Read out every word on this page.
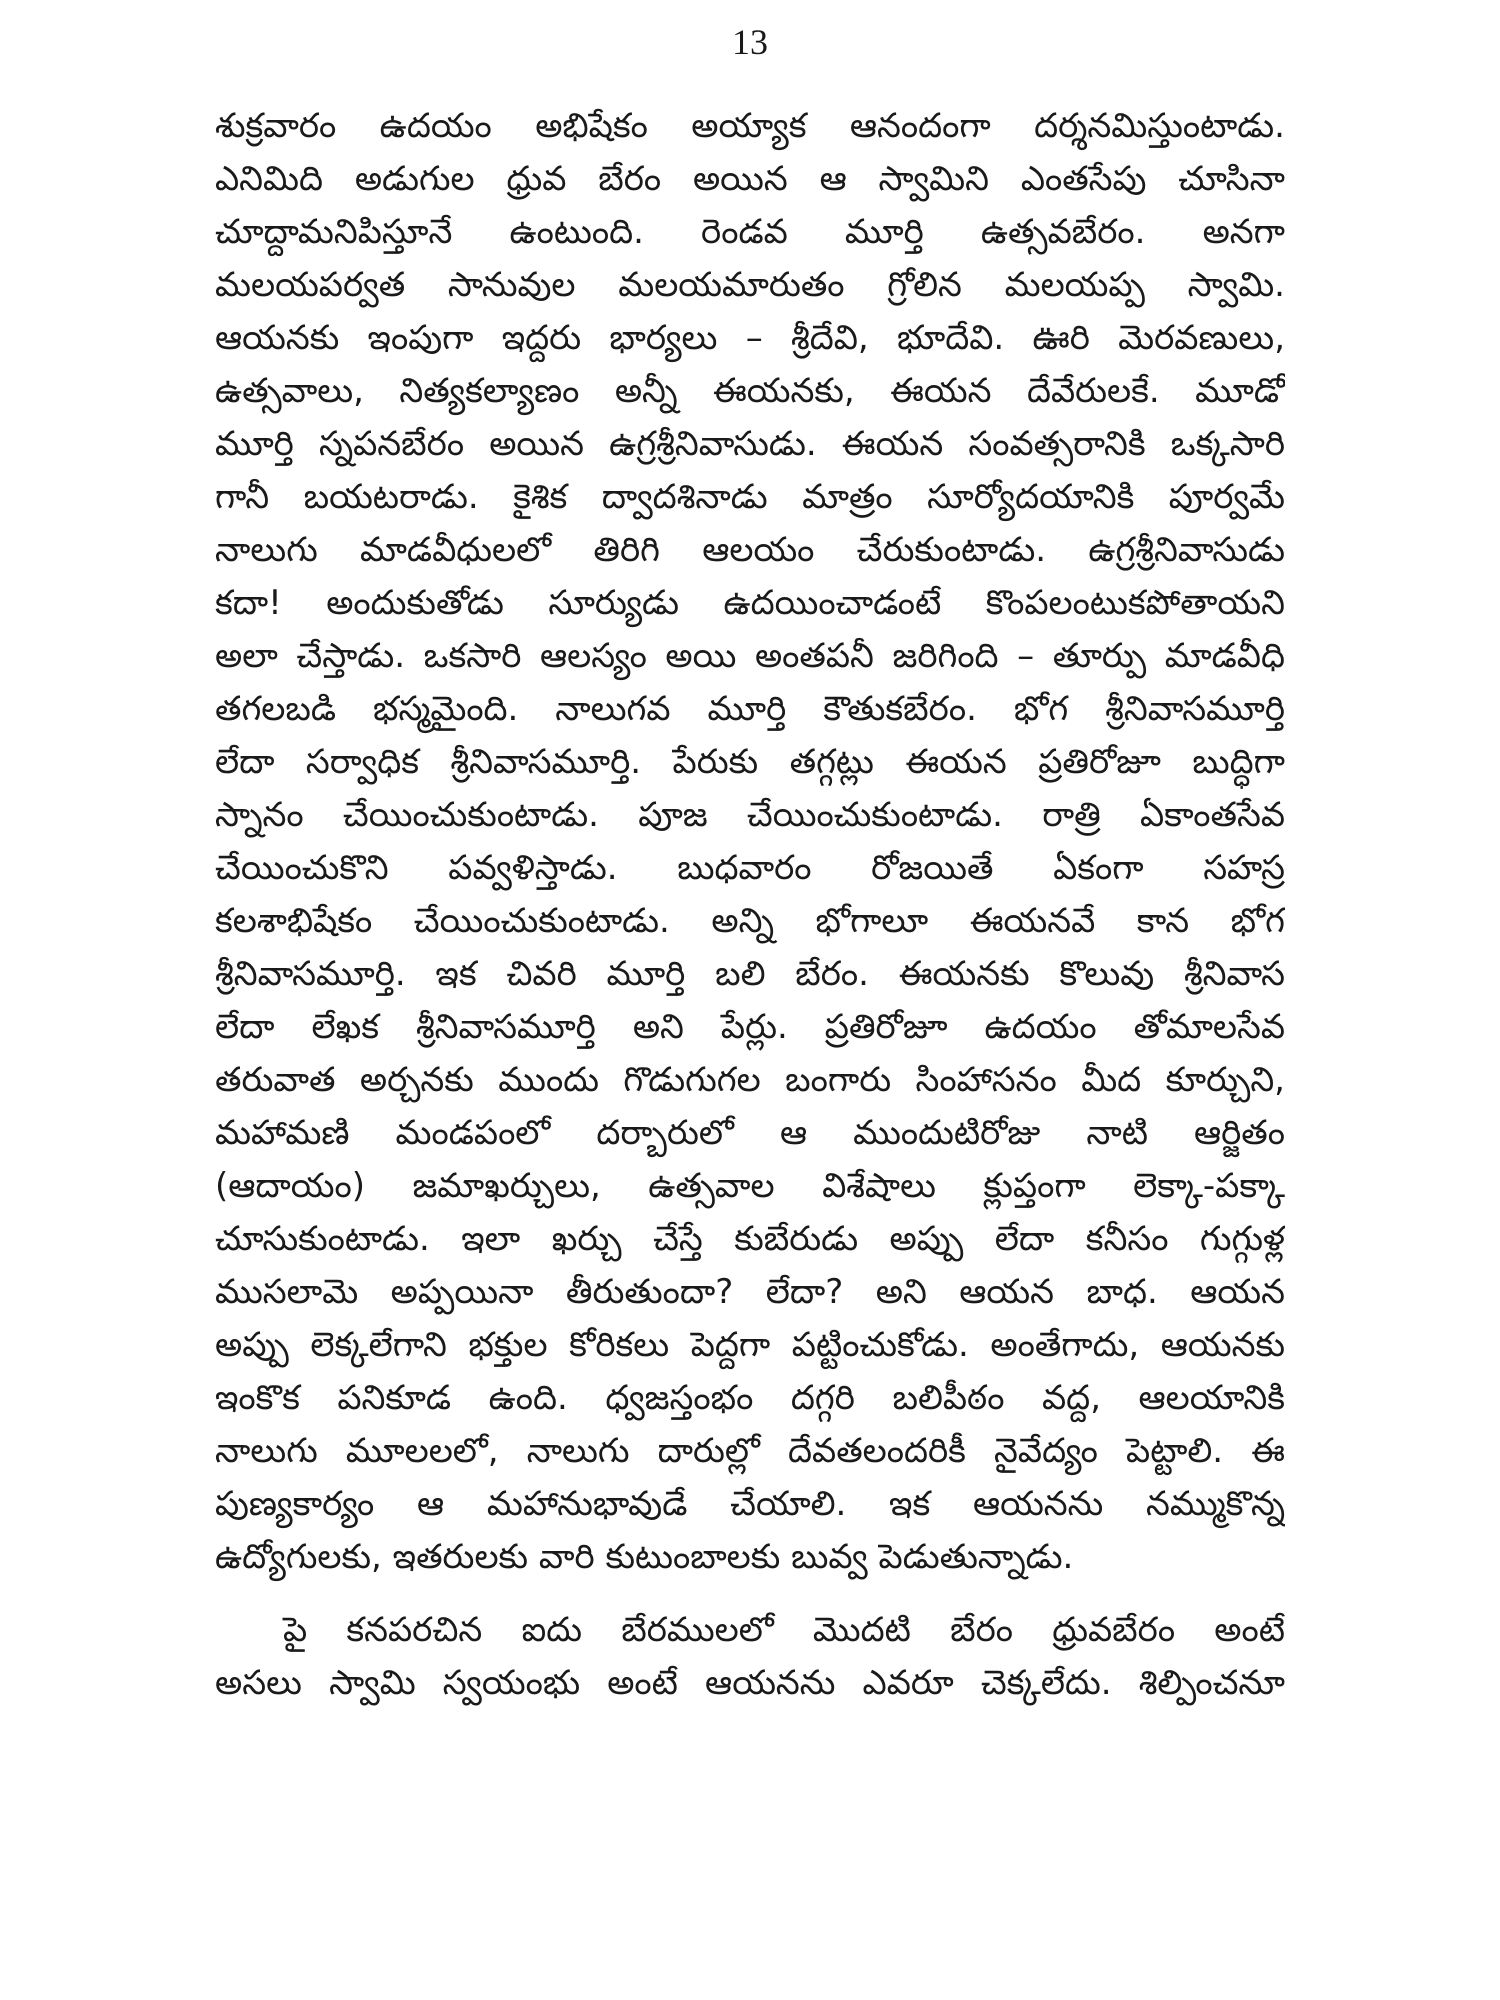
13
శుక్రవారం ఉదయం అభిషేకం అయ్యాక ఆనందంగా దర్శనమిస్తుంటాడు.
ఎనిమిది అడుగుల ధ్రువ బేరం అయిన ఆ స్వామిని ఎంతసేపు చూసినా
చూద్దామనిపిస్తూనే ఉంటుంది. రెండవ మూర్తి ఉత్సవబేరం. అనగా
మలయపర్వత సానువుల మలయమారుతం గ్రోలిన మలయప్ప స్వామి.
ఆయనకు ఇంపుగా ఇద్దరు భార్యలు – శ్రీదేవి, భూదేవి. ఊరి మెరవణులు,
ఉత్సవాలు, నిత్యకల్యాణం అన్నీ ఈయనకు, ఈయన దేవేరులకే. మూడో
మూర్తి స్నపనబేరం అయిన ఉగ్రశ్రీనివాసుడు. ఈయన సంవత్సరానికి ఒక్కసారి
గానీ బయటరాడు. కైశిక ద్వాదశినాడు మాత్రం సూర్యోదయానికి పూర్వమే
నాలుగు మాడవీధులలో తిరిగి ఆలయం చేరుకుంటాడు. ఉగ్రశ్రీనివాసుడు
కదా! అందుకుతోడు సూర్యుడు ఉదయించాడంటే కొంపలంటుకపోతాయని
అలా చేస్తాడు. ఒకసారి ఆలస్యం అయి అంతపనీ జరిగింది – తూర్పు మాడవీధి
తగలబడి భస్మమైంది. నాలుగవ మూర్తి కౌతుకబేరం. భోగ శ్రీనివాసమూర్తి
లేదా సర్వాధిక శ్రీనివాసమూర్తి. పేరుకు తగ్గట్లు ఈయన ప్రతిరోజూ బుద్ధిగా
స్నానం చేయించుకుంటాడు. పూజ చేయించుకుంటాడు. రాత్రి ఏకాంతసేవ
చేయించుకొని పవ్వళిస్తాడు. బుధవారం రోజయితే ఏకంగా సహస్ర
కలశాభిషేకం చేయించుకుంటాడు. అన్ని భోగాలూ ఈయనవే కాన భోగ
శ్రీనివాసమూర్తి. ఇక చివరి మూర్తి బలి బేరం. ఈయనకు కొలువు శ్రీనివాస
లేదా లేఖక శ్రీనివాసమూర్తి అని పేర్లు. ప్రతిరోజూ ఉదయం తోమాలసేవ
తరువాత అర్చనకు ముందు గొడుగుగల బంగారు సింహాసనం మీద కూర్చుని,
మహామణి మండపంలో దర్బారులో ఆ ముందుటిరోజు నాటి ఆర్జితం
(ఆదాయం) జమాఖర్చులు, ఉత్సవాల విశేషాలు క్లుప్తంగా లెక్కా-పక్కా
చూసుకుంటాడు. ఇలా ఖర్చు చేస్తే కుబేరుడు అప్పు లేదా కనీసం గుగ్గుళ్ల
ముసలామె అప్పయినా తీరుతుందా? లేదా? అని ఆయన బాధ. ఆయన
అప్పు లెక్కలేగాని భక్తుల కోరికలు పెద్దగా పట్టించుకోడు. అంతేగాదు, ఆయనకు
ఇంకొక పనికూడ ఉంది. ధ్వజస్తంభం దగ్గరి బలిపీఠం వద్ద, ఆలయానికి
నాలుగు మూలలలో, నాలుగు దారుల్లో దేవతలందరికీ నైవేద్యం పెట్టాలి. ఈ
పుణ్యకార్యం ఆ మహానుభావుడే చేయాలి. ఇక ఆయనను నమ్ముకొన్న
ఉద్యోగులకు, ఇతరులకు వారి కుటుంబాలకు బువ్వ పెడుతున్నాడు.
పై కనపరచిన ఐదు బేరములలో మొదటి బేరం ధ్రువబేరం అంటే
అసలు స్వామి స్వయంభు అంటే ఆయనను ఎవరూ చెక్కలేదు. శిల్పించనూ
